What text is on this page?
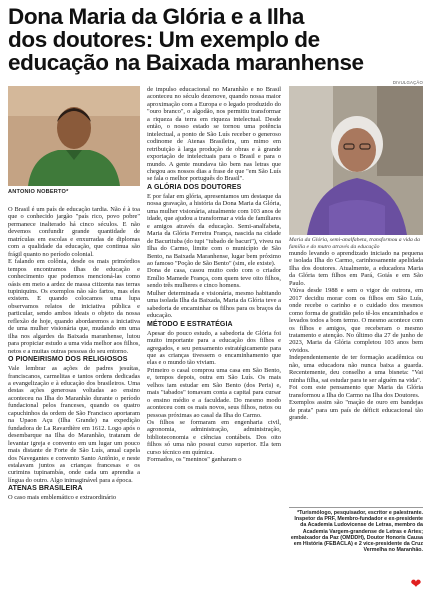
Dona Maria da Glória e a Ilha
dos doutores: Um exemplo de
educação na Baixada maranhense
ANTONIO NOBERTO*
DIVULGAÇÃO
Maria da Glória, semi-analfabeta, transformou a vida da família e do mutro através da educação

O Brasil é um país de educação tardia. Não é à toa que o conhecido jargão "país rico, povo pobre" permanece inalterado há cinco séculos. E não devemos confundir grande quantidade de matrículas em escolas e enxurradas de diplomas com a qualidade da educação, que continua são frágil quanto no período colonial.

E falando em colônia, desde os mais primórdios tempos encontramos ilhas de educação e conhecimento que podemos mencioná-las como oásis em meio a ardez de massa citizenta nas terras tupiniquins. Os exemplos não são fartos, mas eles existem. E quando colocamos uma lupa observamos relatos de iniciativa pública e particular, sendo ambos ideais o objeto da nossa reflexão de hoje, quando abordaremos a iniciativa de uma mulher visionária que, mudando em uma ilha nos algardes da Baixada maranhense, lutou para propiciar estudo a uma vida melhor aos filhos, netos e a muitas outras pessoas do seu entorno.

O PIONEIRISMO DOS RELIGIOSOS

Vale lembrar as ações de padres jesuítas, franciscanos, carmelitas e tantos ordens dedicadas a evangelização e à educação dos brasileiros. Uma destas ações generosas voltadas ao ensino aconteceu na Ilha do Maranhão durante o período fundacional pelos franceses, quando os quatro capuchinhos da ordem de São Francisco aportaram na Upaon Açu (Ilha Grande) na expedição fundadora de La Ravardière em 1612. Logo após o desembarque na Ilha do Maranhão, trataram de levantar igreja e convento em um lugar um pouco mais distante de Forte de São Luís, anual capela dos Navegantes e convento Santo Antônio, e neste estalavam juntos as crianças francesas e os curimins tupinambás, onde cada um aprendia a língua do outro. Algo inimaginável para a época.

ATENAS BRASILEIRA

O caso mais emblemático e extraordinário

de impulso educacional no Maranhão e no Brasil aconteceu no século dezenove, quando nossa maior aproximação com a Europa e o legado produzido do "ouro branco", o algodão, nos permitiu transformar a riqueza da terra em riqueza intelectual. Desde então, o nosso estado se tornou uma potência intelectual, a ponto de São Luís receber o generoso codinome de Atenas Brasileira, um mimo em retribuição à larga produção de obras e à grande exportação de intelectuais para o Brasil e para o mundo. A gente mundava tão bem nas letras que chegou aos nossos dias a frase de que "em São Luís se fala o melhor português do Brasil".

A GLÓRIA DOS DOUTORES

E por falar em glória, apresentamos um destaque da nossa gravação, a história da Dona Maria da Glória, uma mulher visionária, atualmente com 103 anos de idade, que ajudou a transformar a vida de familiares e amigos através da educação. Semi-analfabeta, Maria da Glória Ferreira França, nascida na cidade de Bacurituba (do tupi "tubado de bacuri"), viveu na Ilha do Carmo, limite com o município de São Bento, na Baixada Maranhense, lugar bem próximo ao famoso "Poção de São Bento" (sim, ele existe).

Dona de casa, casou muito cedo com o criador Emílio Mamede França, com quem teve oito filhos, sendo três mulheres e cinco homens.

Mulher determinada e visionária, mesmo habitando uma isolada Ilha da Baixada, Maria da Glória teve a sabedoria de encaminhar os filhos para os braços da educação.

MÉTODO E ESTRATÉGIA

Apesar do pouco estudo, a sabedoria de Glória foi muito importante para a educação dos filhos e agregados, e seu pensamento estratégicamente para que as crianças tivessem o encaminhamento que elas e o mundo tão viviam.

Primeiro o casal comprou uma casa em São Bento, e, tempos depois, outra em São Luís. Os mais velhos iam estudar em São Bento (dos Peris) e, mais "tabados" tomavam conta a capital para cursar o ensino médio e a faculdade. Do mesmo modo aconteceu com os mais novos, seus filhos, netos ou pessoas próximas ao casal da Ilha do Carmo.

Os filhos se formaram em engenharia civil, agronomia, administração, administração, biblioteconomia e ciências contábeis. Dos oito filhos só uma não possui curso superior. Ela tem curso técnico em química.

Formados, os "meninos" ganharam o

mundo levando o aprendizado iniciado na pequena e isolada Ilha do Carmo, carinhosamente apelidada Ilha dos doutores. Atualmente, a educadora Maria da Glória tem filhos em Pará, Goiás e em São Paulo.

Viúva desde 1988 e sem o vigor de outrora, em 2017 decidiu morar com os filhos em São Luís, onde recebe o carinho e o cuidado dos mesmos como forma de gratidão pelo tê-los encaminhados e levados todos a bom termo. O mesmo acontece com os filhos e amigos, que receberam o mesmo tratamento e atenção. No último dia 27 de junho de 2023, Maria da Glória completou 103 anos bem vividos.

Independentemente de ter formação acadêmica ou não, uma educadora não nunca baixa a guarda. Recentemente, deu conselho a uma bisneta: "Vai minha filha, sai estudar para te ser alguém na vida".

Foi com este pensamento que Maria da Glória transformou a Ilha do Carmo na Ilha dos Doutores.

Exemplos assim são "mação de ouro em bandejas de prata" para um país de déficit educacional tão grande.

*Turismólogo, pesquisador, escritor e palestrante. Inspetor da PRF, Membro-fundador e ex-presidente da Academia Ludovicense de Letras, membro da Academia Vargem-grandense de Letras e Artes; embaixador da Paz (OMDDH), Doutor Honoris Causa em História (FEBACLA) e 2 vice-presidente da Cruz Vermelha no Maranhão.
❤
